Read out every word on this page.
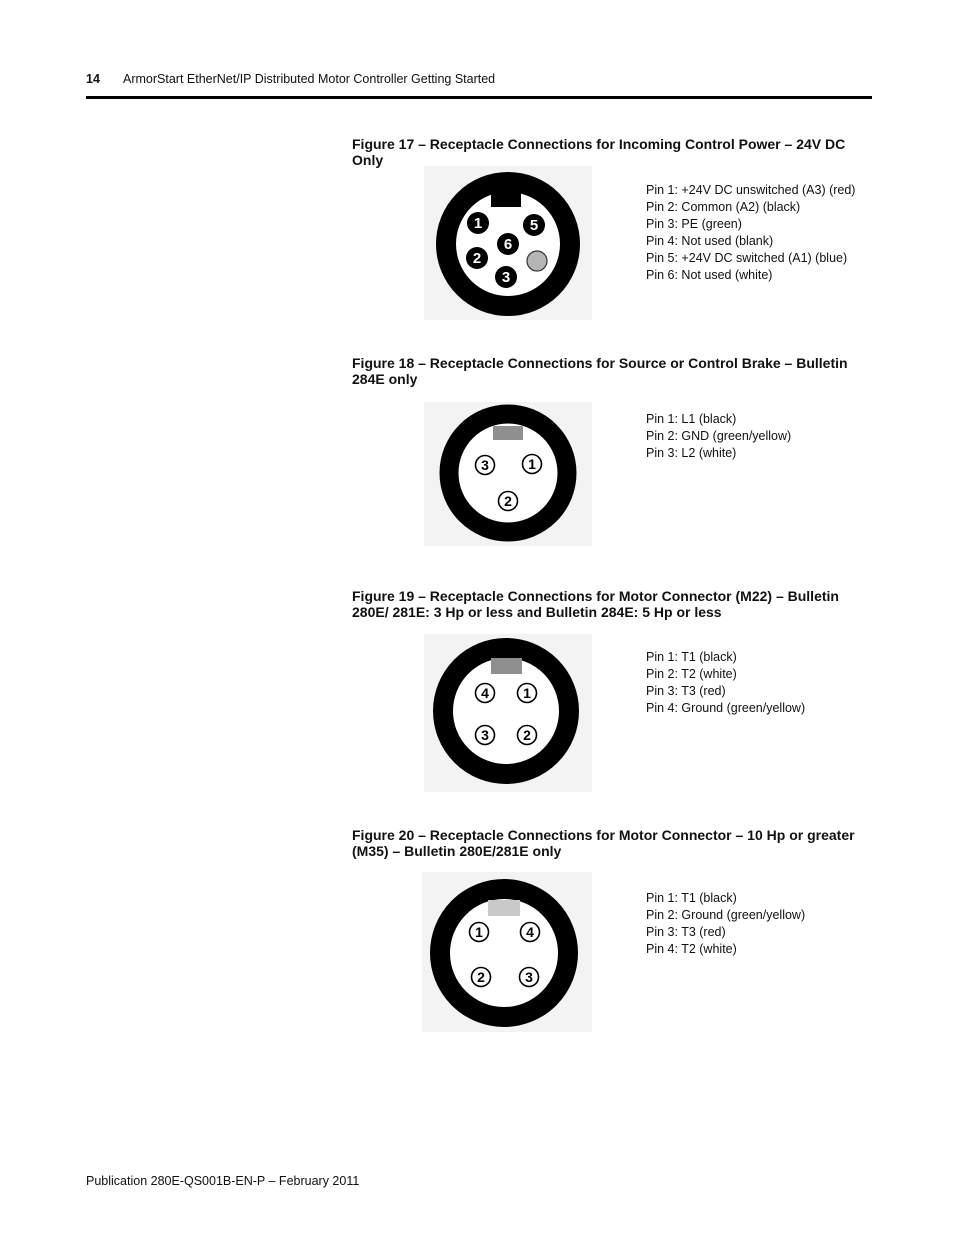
14 ArmorStart EtherNet/IP Distributed Motor Controller Getting Started
Figure 17 – Receptacle Connections for Incoming Control Power – 24V DC Only
1
2
3
5
6
Pin 1: +24V DC unswitched (A3) (red)
Pin 2: Common (A2) (black)
Pin 3: PE (green)
Pin 4: Not used (blank)
Pin 5: +24V DC switched (A1) (blue)
Pin 6: Not used (white)
Figure 18 – Receptacle Connections for Source or Control Brake – Bulletin 284E only
3	1
2
Pin 1: L1 (black)
Pin 2: GND (green/yellow)
Pin 3: L2 (white)
Figure 19 – Receptacle Connections for Motor Connector (M22) – Bulletin 280E/ 281E: 3 Hp or less and Bulletin 284E: 5 Hp or less
4 1
3 2
Pin 1: T1 (black)
Pin 2: T2 (white)
Pin 3: T3 (red)
Pin 4: Ground (green/yellow)
Figure 20 – Receptacle Connections for Motor Connector – 10 Hp or greater (M35) – Bulletin 280E/281E only
1	4
2	3
Pin 1: T1 (black)
Pin 2: Ground (green/yellow)
Pin 3: T3 (red)
Pin 4: T2 (white)
Publication 280E-QS001B-EN-P – February 2011
